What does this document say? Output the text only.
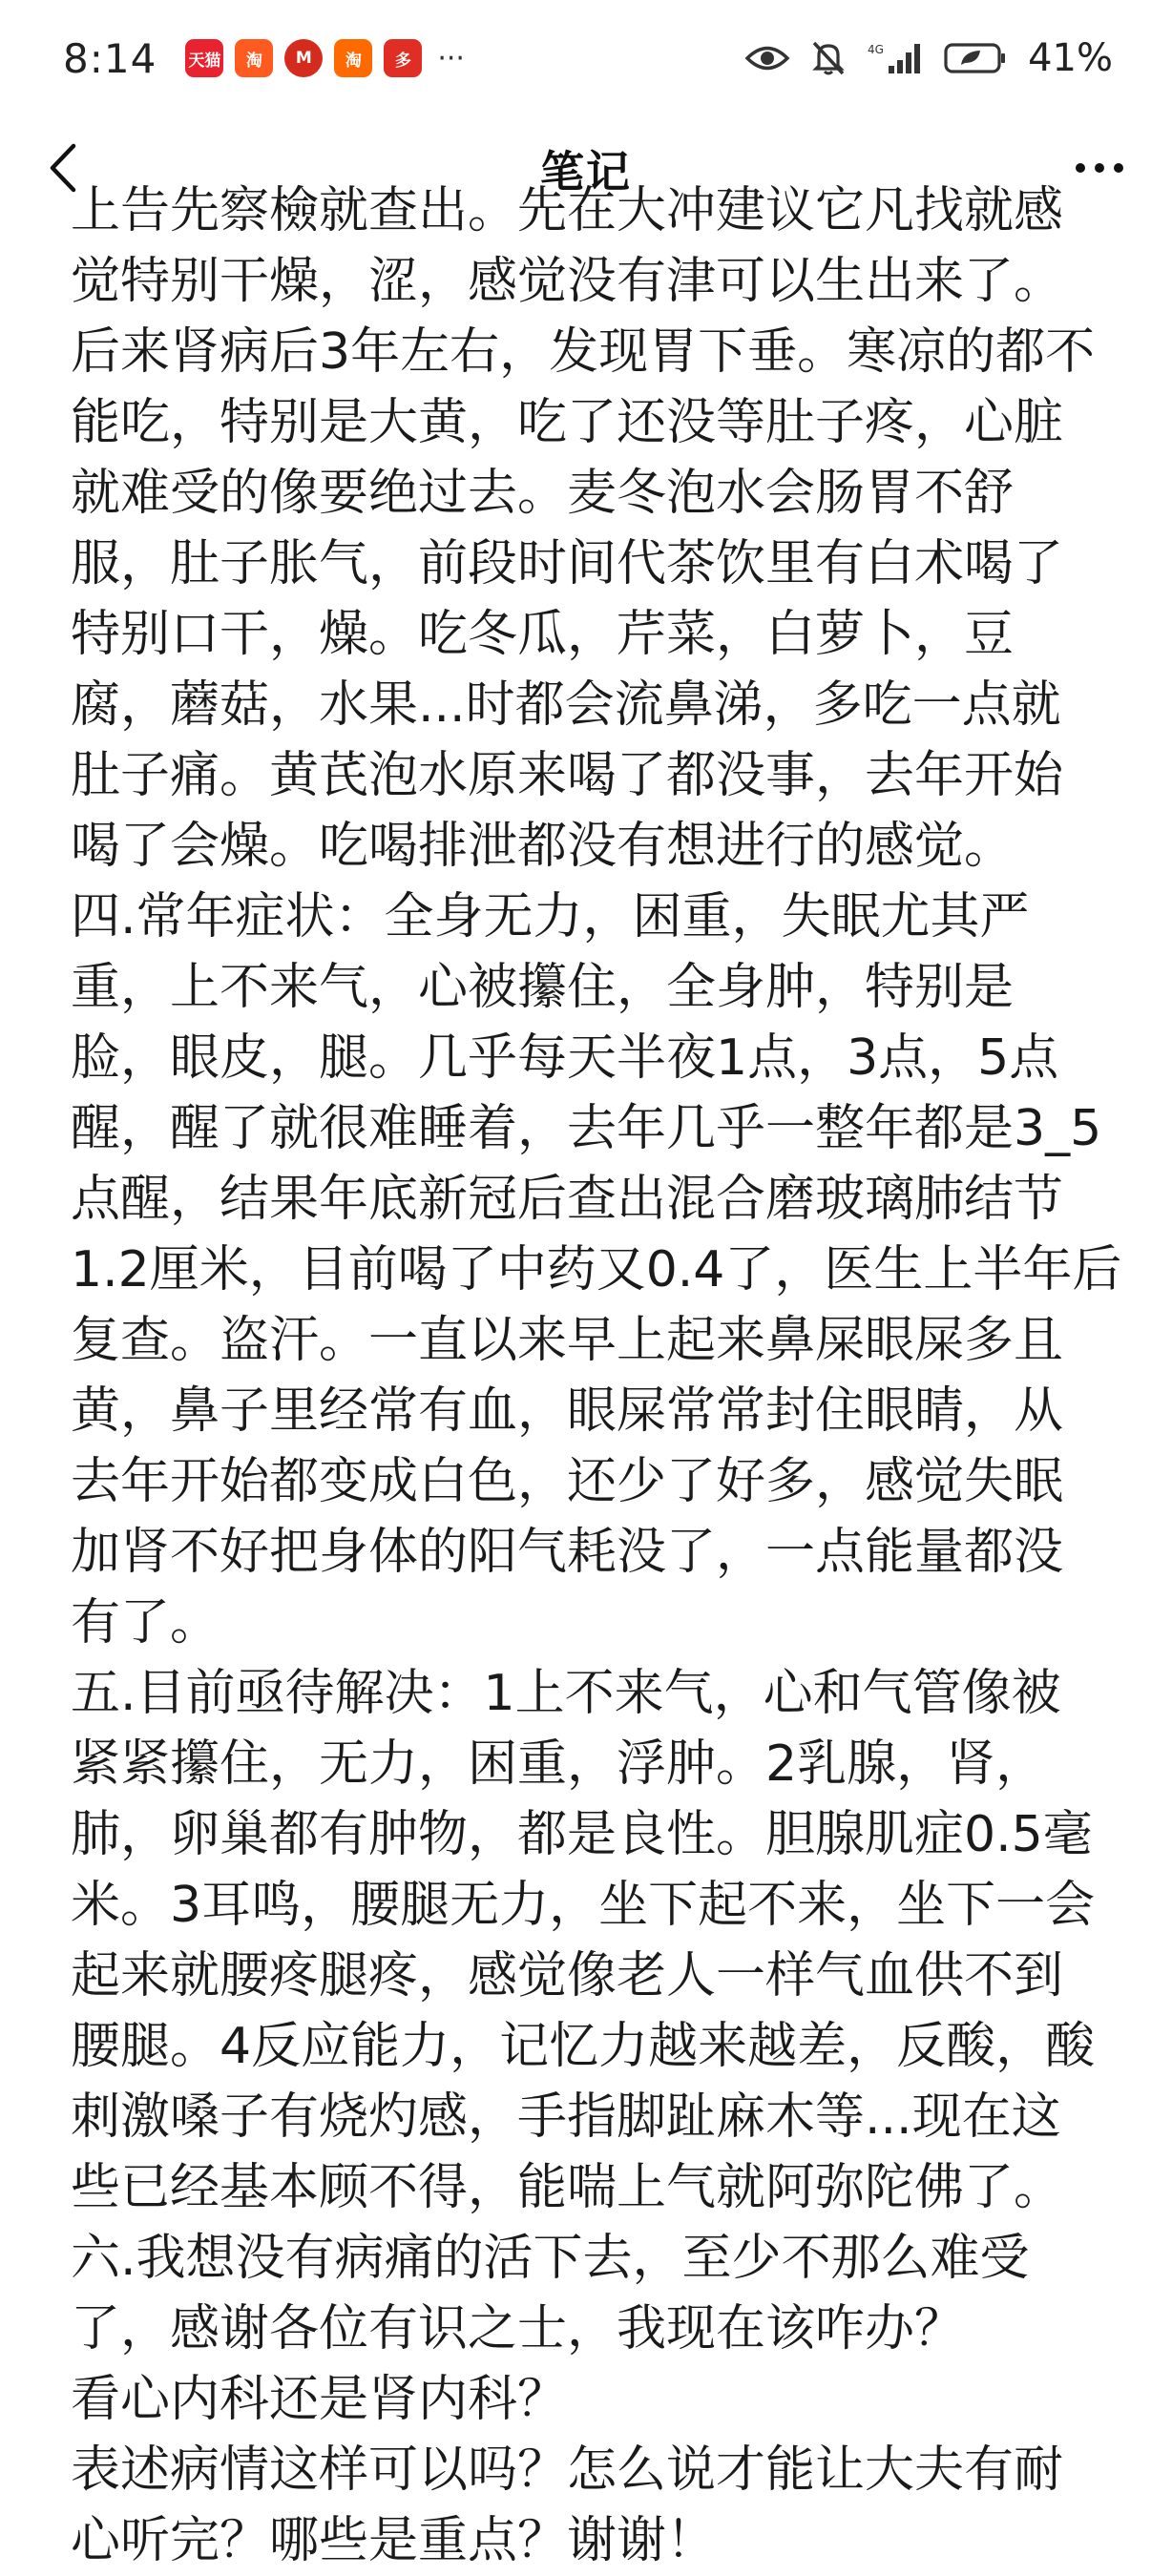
8:14 天猫	淘	M	淘	多 ···	4G	41%
笔记
上告先察檢就查出。先在大冲建议它凡找就感
觉特别干燥，涩，感觉没有津可以生出来了。
后来肾病后3年左右，发现胃下垂。寒凉的都不
能吃，特别是大黄，吃了还没等肚子疼，心脏
就难受的像要绝过去。麦冬泡水会肠胃不舒
服，肚子胀气，前段时间代茶饮里有白术喝了
特别口干，燥。吃冬瓜，芹菜，白萝卜，豆
腐，蘑菇，水果...时都会流鼻涕，多吃一点就
肚子痛。黄芪泡水原来喝了都没事，去年开始
喝了会燥。吃喝排泄都没有想进行的感觉。
四.常年症状：全身无力，困重，失眠尤其严
重，上不来气，心被攥住，全身肿，特别是
脸，眼皮，腿。几乎每天半夜1点，3点，5点
醒，醒了就很难睡着，去年几乎一整年都是3_5
点醒，结果年底新冠后查出混合磨玻璃肺结节
1.2厘米，目前喝了中药又0.4了，医生上半年后
复查。盗汗。一直以来早上起来鼻屎眼屎多且
黄，鼻子里经常有血，眼屎常常封住眼睛，从
去年开始都变成白色，还少了好多，感觉失眠
加肾不好把身体的阳气耗没了，一点能量都没
有了。
五.目前亟待解决：1上不来气，心和气管像被
紧紧攥住，无力，困重，浮肿。2乳腺，肾，
肺，卵巢都有肿物，都是良性。胆腺肌症0.5毫
米。3耳鸣，腰腿无力，坐下起不来，坐下一会
起来就腰疼腿疼，感觉像老人一样气血供不到
腰腿。4反应能力，记忆力越来越差，反酸，酸
刺激嗓子有烧灼感，手指脚趾麻木等...现在这
些已经基本顾不得，能喘上气就阿弥陀佛了。
六.我想没有病痛的活下去，至少不那么难受
了，感谢各位有识之士，我现在该咋办？
看心内科还是肾内科？
表述病情这样可以吗？怎么说才能让大夫有耐
心听完？哪些是重点？谢谢！
